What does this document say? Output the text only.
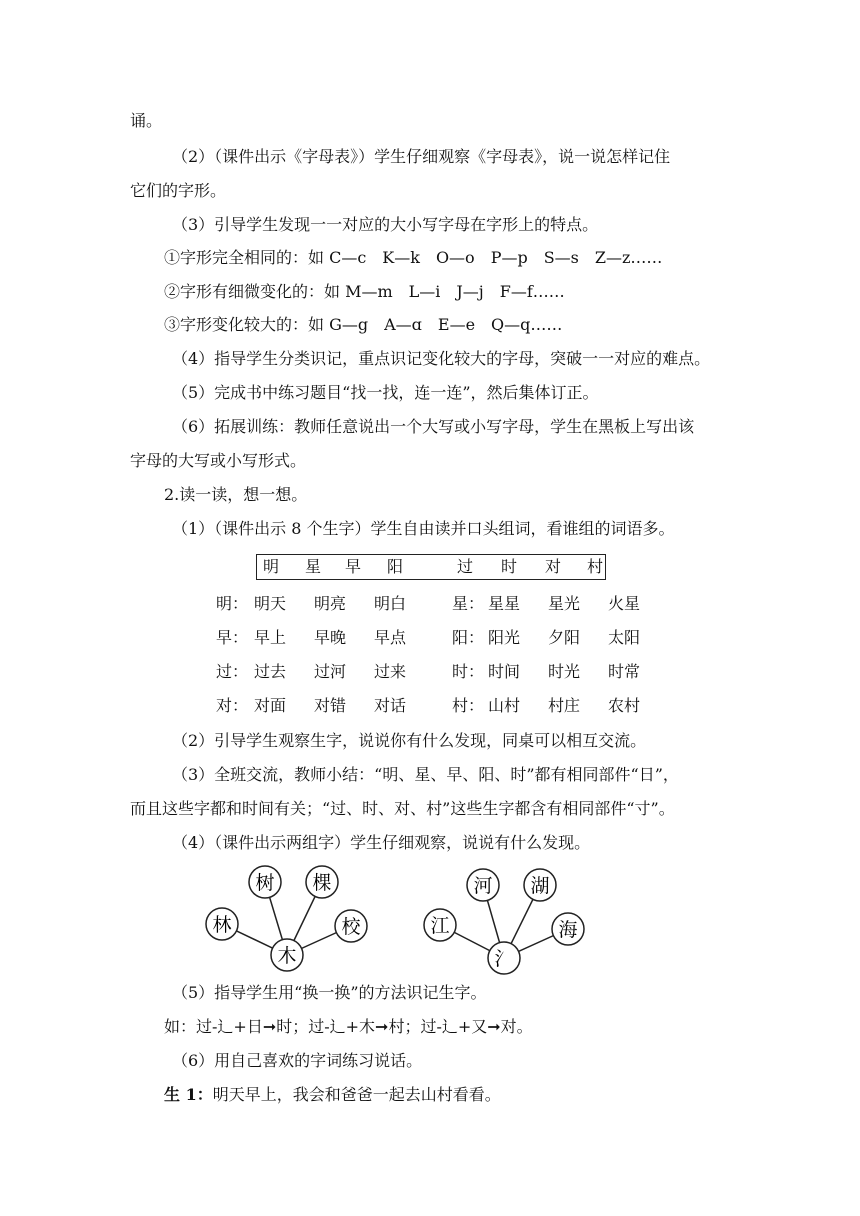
诵。
（2）（课件出示《字母表》）学生仔细观察《字母表》，说一说怎样记住
它们的字形。
（3）引导学生发现一一对应的大小写字母在字形上的特点。
①字形完全相同的：如 C—c　K—k　O—o　P—p　S—s　Z—z……
②字形有细微变化的：如 M—m　L—i　J—j　F—f……
③字形变化较大的：如 G—g　A—ɑ　E—e　Q—q……
（4）指导学生分类识记，重点识记变化较大的字母，突破一一对应的难点。
（5）完成书中练习题目“找一找，连一连”，然后集体订正。
（6）拓展训练：教师任意说出一个大写或小写字母，学生在黑板上写出该
字母的大写或小写形式。
2.读一读，想一想。
（1）（课件出示 8 个生字）学生自由读并口头组词，看谁组的词语多。
明 星 早 阳	过 时 对 村
明： 明天 明亮 明白	星： 星星 星光 火星
早： 早上 早晚 早点	阳： 阳光 夕阳 太阳
过： 过去 过河 过来	时： 时间 时光 时常
对： 对面 对错 对话	村： 山村 村庄 农村
（2）引导学生观察生字，说说你有什么发现，同桌可以相互交流。
（3）全班交流，教师小结：“明、星、早、阳、时”都有相同部件“日”，
而且这些字都和时间有关；“过、时、对、村”这些生字都含有相同部件“寸”。
（4）（课件出示两组字）学生仔细观察，说说有什么发现。
林
树 棵
校
木
江
河 湖
海
氵
（5）指导学生用“换一换”的方法识记生字。
如：过-辶+日➞时；过-辶+木➞村；过-辶+又➞对。
（6）用自己喜欢的字词练习说话。
生 1：明天早上，我会和爸爸一起去山村看看。
